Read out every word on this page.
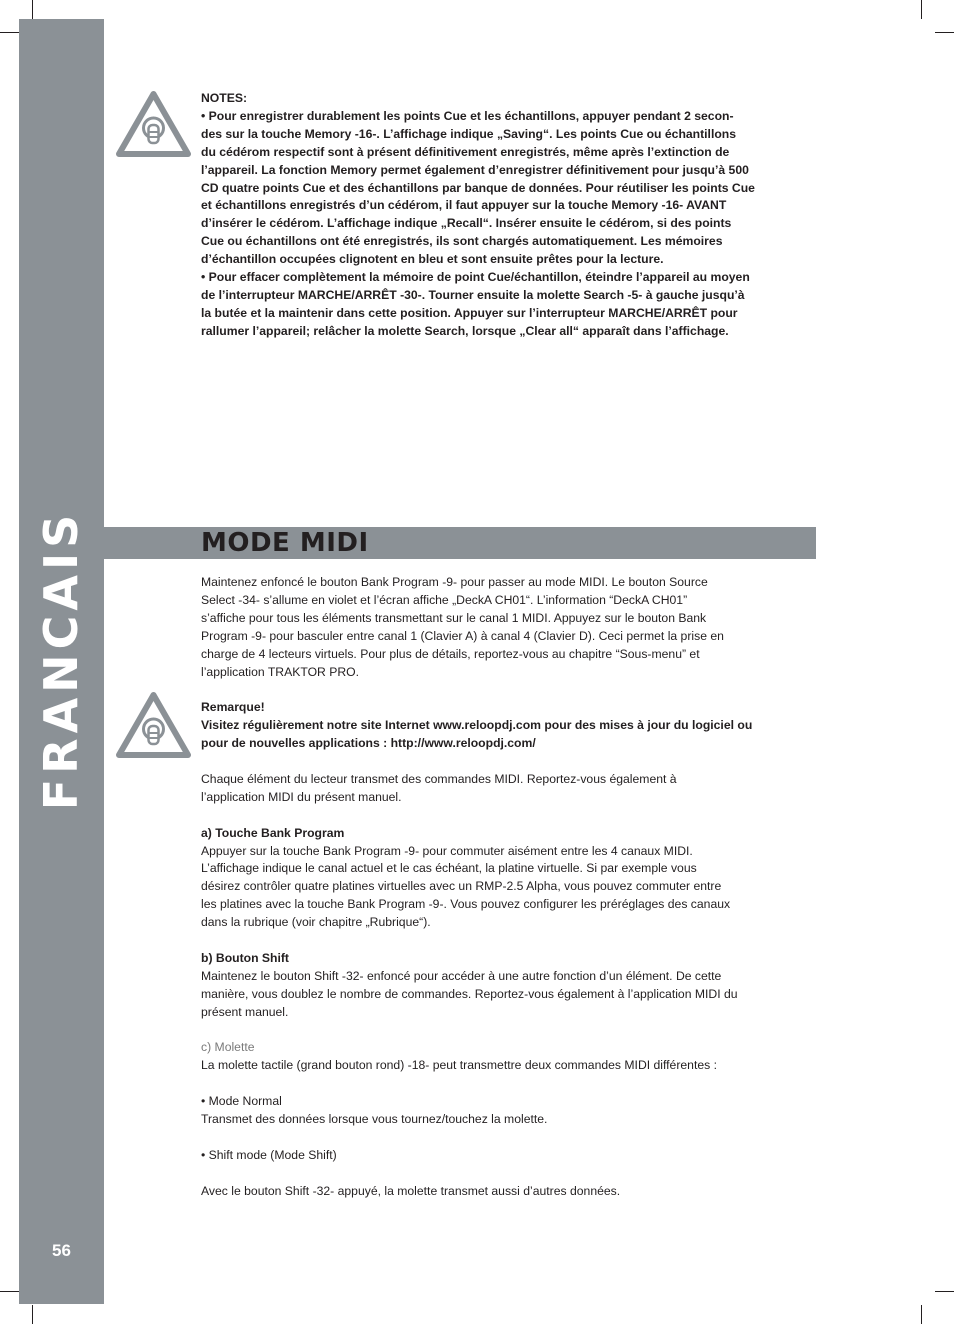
FRANCAIS
56
NOTES:
• Pour enregistrer durablement les points Cue et les échantillons, appuyer pendant 2 secon-
des sur la touche Memory -16-. L’affichage indique „Saving“. Les points Cue ou échantillons
du cédérom respectif sont à présent définitivement enregistrés, même après l’extinction de
l’appareil. La fonction Memory permet également d’enregistrer définitivement pour jusqu’à 500
CD quatre points Cue et des échantillons par banque de données. Pour réutiliser les points Cue
et échantillons enregistrés d’un cédérom, il faut appuyer sur la touche Memory -16- AVANT
d’insérer le cédérom. L’affichage indique „Recall“. Insérer ensuite le cédérom, si des points
Cue ou échantillons ont été enregistrés, ils sont chargés automatiquement. Les mémoires
d’échantillon occupées clignotent en bleu et sont ensuite prêtes pour la lecture.
• Pour effacer complètement la mémoire de point Cue/échantillon, éteindre l’appareil au moyen
de l’interrupteur MARCHE/ARRÊT -30-. Tourner ensuite la molette Search -5- à gauche jusqu’à
la butée et la maintenir dans cette position. Appuyer sur l’interrupteur MARCHE/ARRÊT pour
rallumer l’appareil; relâcher la molette Search, lorsque „Clear all“ apparaît dans l’affichage.
MODE MIDI
Maintenez enfoncé le bouton Bank Program -9- pour passer au mode MIDI. Le bouton Source
Select -34- s’allume en violet et l’écran affiche „DeckA CH01“. L’information “DeckA CH01”
s’affiche pour tous les éléments transmettant sur le canal 1 MIDI. Appuyez sur le bouton Bank
Program -9- pour basculer entre canal 1 (Clavier A) à canal 4 (Clavier D). Ceci permet la prise en
charge de 4 lecteurs virtuels. Pour plus de détails, reportez-vous au chapitre “Sous-menu” et
l’application TRAKTOR PRO.
Remarque!
Visitez régulièrement notre site Internet www.reloopdj.com pour des mises à jour du logiciel ou
pour de nouvelles applications : http://www.reloopdj.com/
Chaque élément du lecteur transmet des commandes MIDI. Reportez-vous également à
l’application MIDI du présent manuel.
a) Touche Bank Program
Appuyer sur la touche Bank Program -9- pour commuter aisément entre les 4 canaux MIDI.
L’affichage indique le canal actuel et le cas échéant, la platine virtuelle. Si par exemple vous
désirez contrôler quatre platines virtuelles avec un RMP-2.5 Alpha, vous pouvez commuter entre
les platines avec la touche Bank Program -9-. Vous pouvez configurer les préréglages des canaux
dans la rubrique (voir chapitre „Rubrique“).
b) Bouton Shift
Maintenez le bouton Shift -32- enfoncé pour accéder à une autre fonction d’un élément. De cette
manière, vous doublez le nombre de commandes. Reportez-vous également à l’application MIDI du
présent manuel.
c) Molette
La molette tactile (grand bouton rond) -18- peut transmettre deux commandes MIDI différentes :
• Mode Normal
Transmet des données lorsque vous tournez/touchez la molette.
• Shift mode (Mode Shift)
Avec le bouton Shift -32- appuyé, la molette transmet aussi d’autres données.
